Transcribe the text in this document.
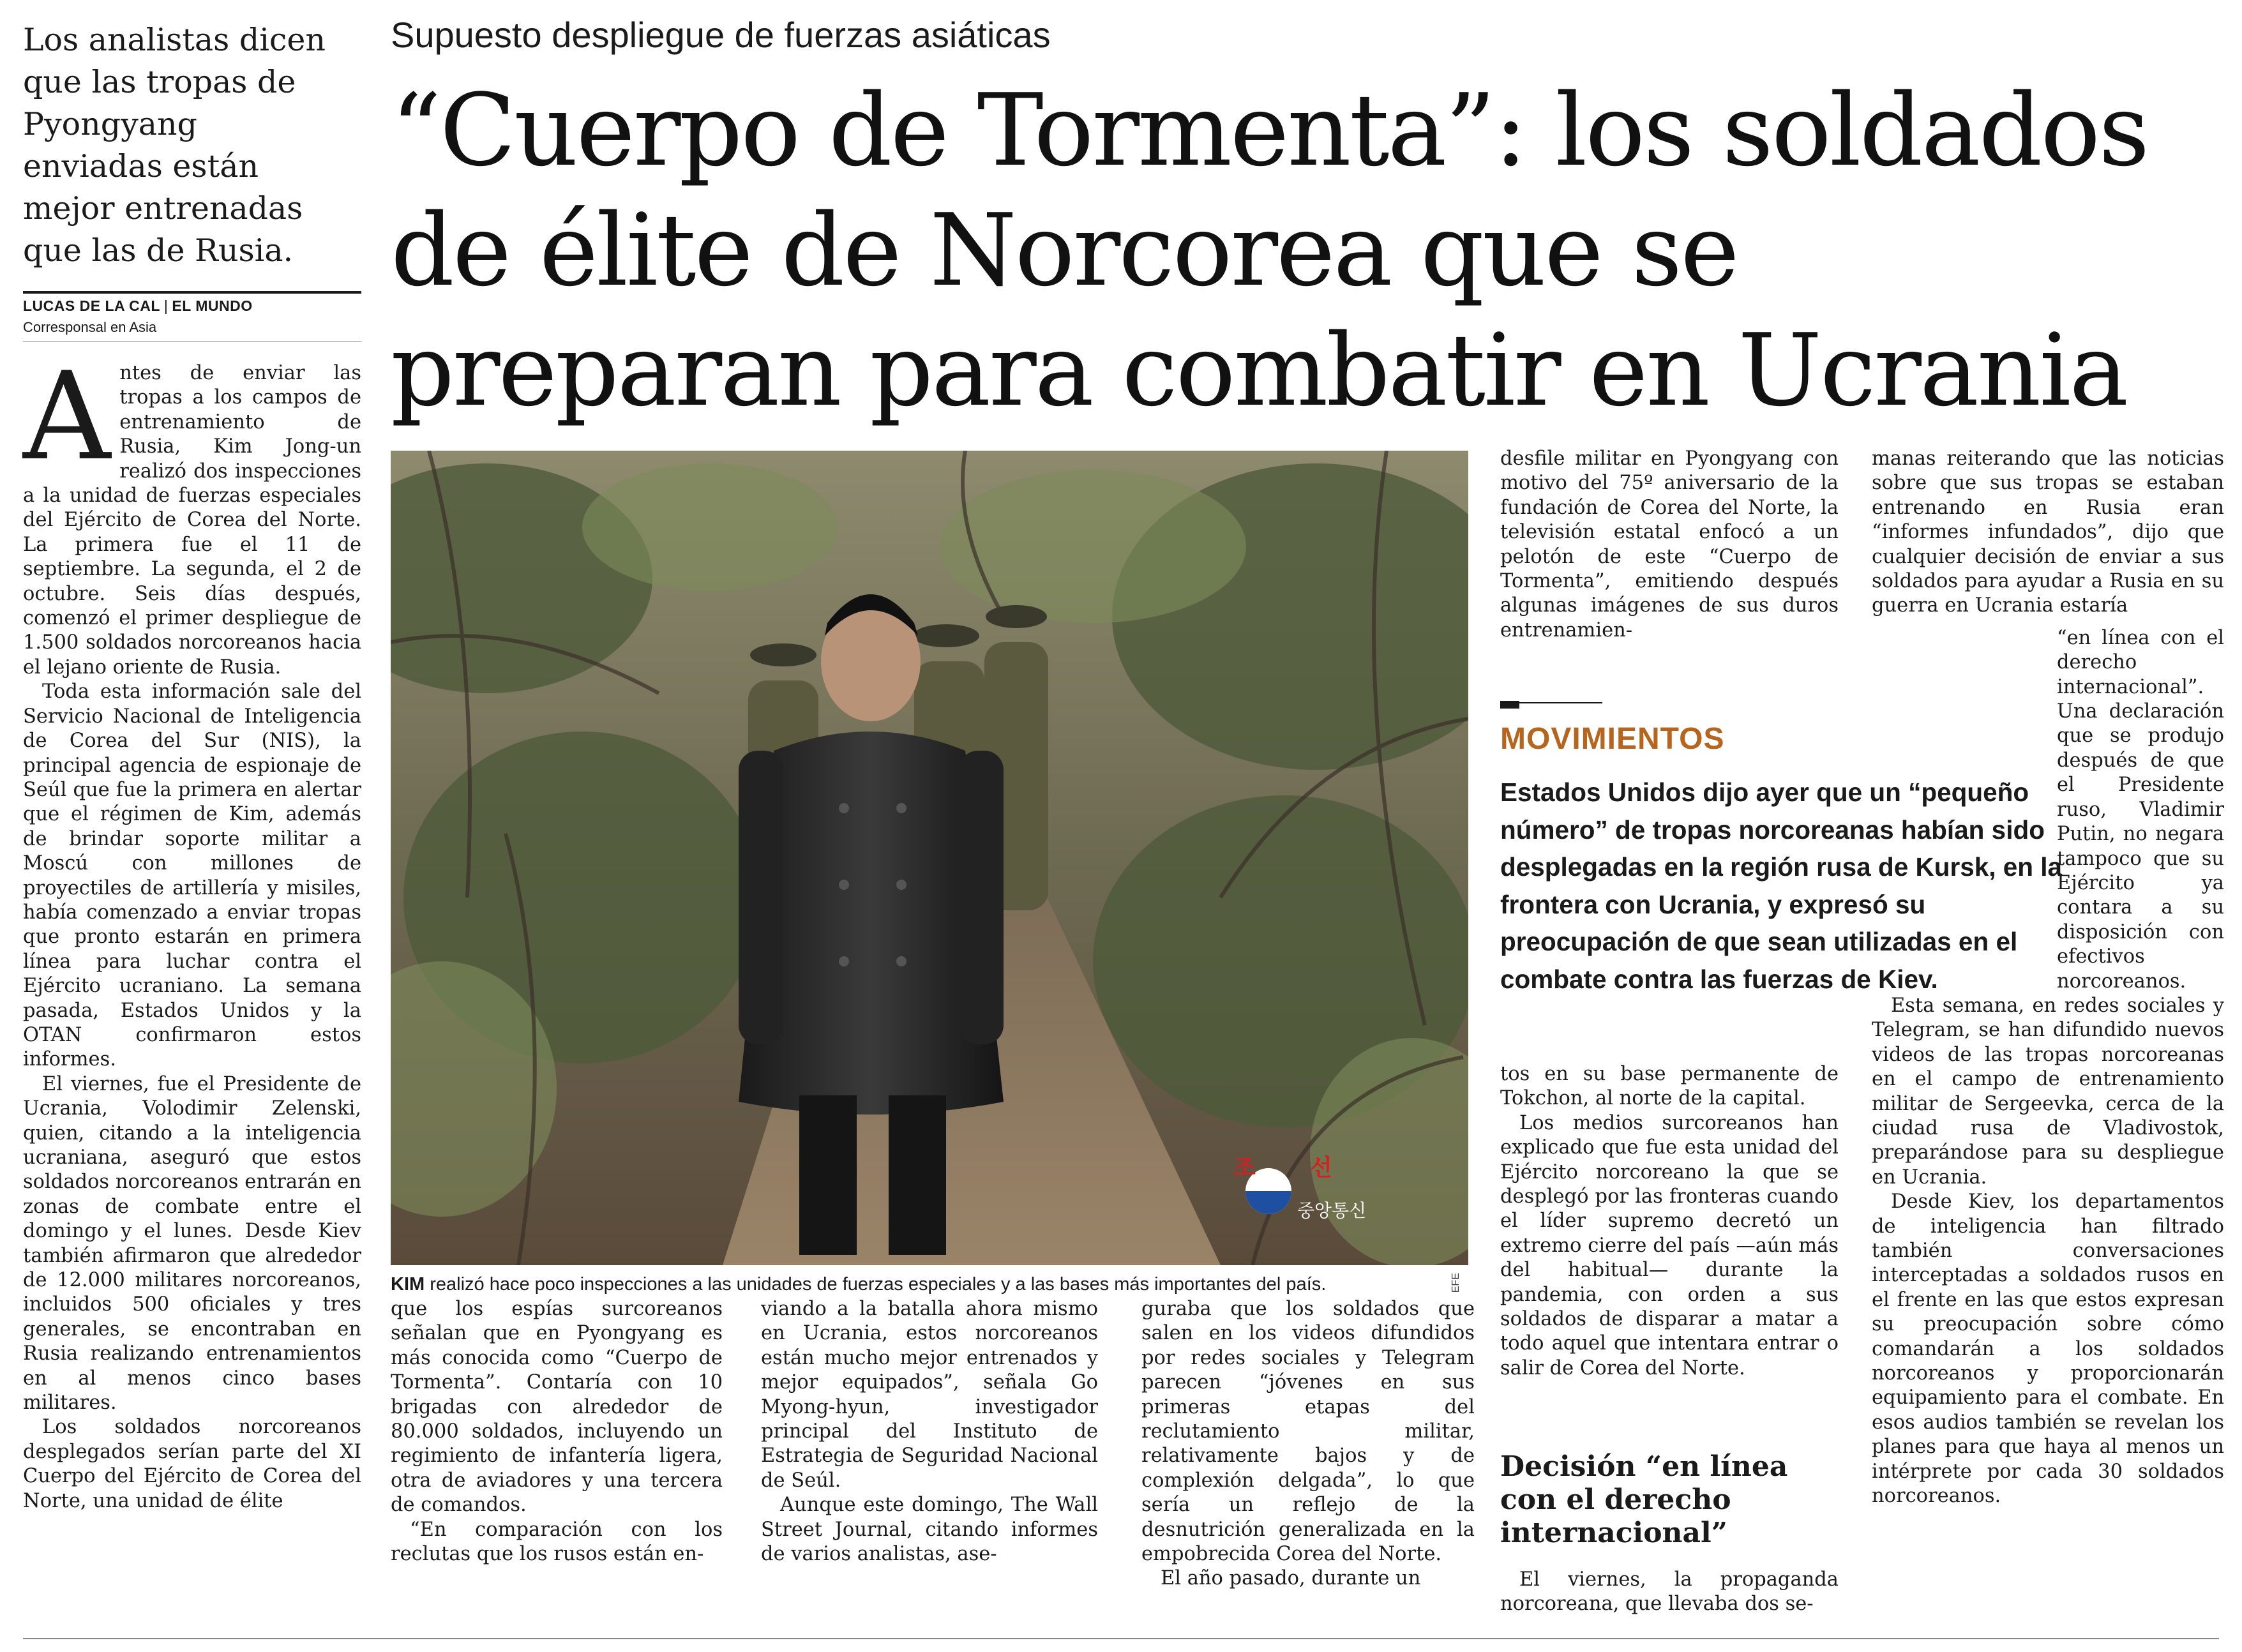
Los analistas dicen
que las tropas de
Pyongyang
enviadas están
mejor entrenadas
que las de Rusia.
LUCAS DE LA CAL | EL MUNDO
Corresponsal en Asia
Supuesto despliegue de fuerzas asiáticas
“Cuerpo de Tormenta”: los soldados
de élite de Norcorea que se
preparan para combatir en Ucrania

Antes de enviar las tropas a los campos de entrenamiento de Rusia, Kim Jong-un realizó dos inspecciones a la unidad de fuerzas especiales del Ejército de Corea del Norte. La primera fue el 11 de septiembre. La segunda, el 2 de octubre. Seis días después, comenzó el primer despliegue de 1.500 soldados norcoreanos hacia el lejano oriente de Rusia.

Toda esta información sale del Servicio Nacional de Inteligencia de Corea del Sur (NIS), la principal agencia de espionaje de Seúl que fue la primera en alertar que el régimen de Kim, además de brindar soporte militar a Moscú con millones de proyectiles de artillería y misiles, había comenzado a enviar tropas que pronto estarán en primera línea para luchar contra el Ejército ucraniano. La semana pasada, Estados Unidos y la OTAN confirmaron estos informes.

El viernes, fue el Presidente de Ucrania, Volodimir Zelenski, quien, citando a la inteligencia ucraniana, aseguró que estos soldados norcoreanos entrarán en zonas de combate entre el domingo y el lunes. Desde Kiev también afirmaron que alrededor de 12.000 militares norcoreanos, incluidos 500 oficiales y tres generales, se encontraban en Rusia realizando entrenamientos en al menos cinco bases militares.

Los soldados norcoreanos desplegados serían parte del XI Cuerpo del Ejército de Corea del Norte, una unidad de élite

조 선
중앙통신
KIM realizó hace poco inspecciones a las unidades de fuerzas especiales y a las bases más importantes del país.	EFE

que los espías surcoreanos señalan que en Pyongyang es más conocida como “Cuerpo de Tormenta”. Contaría con 10 brigadas con alrededor de 80.000 soldados, incluyendo un regimiento de infantería ligera, otra de aviadores y una tercera de comandos.

“En comparación con los reclutas que los rusos están en-

viando a la batalla ahora mismo en Ucrania, estos norcoreanos están mucho mejor entrenados y mejor equipados”, señala Go Myong-hyun, investigador principal del Instituto de Estrategia de Seguridad Nacional de Seúl.

Aunque este domingo, The Wall Street Journal, citando informes de varios analistas, ase-

guraba que los soldados que salen en los videos difundidos por redes sociales y Telegram parecen “jóvenes en sus primeras etapas del reclutamiento militar, relativamente bajos y de complexión delgada”, lo que sería un reflejo de la desnutrición generalizada en la empobrecida Corea del Norte.

El año pasado, durante un

desfile militar en Pyongyang con motivo del 75º aniversario de la fundación de Corea del Norte, la televisión estatal enfocó a un pelotón de este “Cuerpo de Tormenta”, emitiendo después algunas imágenes de sus duros entrenamien-

MOVIMIENTOS
Estados Unidos dijo ayer que un “pequeño número” de tropas norcoreanas habían sido desplegadas en la región rusa de Kursk, en la frontera con Ucrania, y expresó su preocupación de que sean utilizadas en el combate contra las fuerzas de Kiev.

tos en su base permanente de Tokchon, al norte de la capital.

Los medios surcoreanos han explicado que fue esta unidad del Ejército norcoreano la que se desplegó por las fronteras cuando el líder supremo decretó un extremo cierre del país —aún más del habitual— durante la pandemia, con orden a sus soldados de disparar a matar a todo aquel que intentara entrar o salir de Corea del Norte.

Decisión “en línea con el derecho internacional”

El viernes, la propaganda norcoreana, que llevaba dos se-

manas reiterando que las noticias sobre que sus tropas se estaban entrenando en Rusia eran “informes infundados”, dijo que cualquier decisión de enviar a sus soldados para ayudar a Rusia en su guerra en Ucrania estaría

“en línea con el derecho internacional”. Una declaración que se produjo después de que el Presidente ruso, Vladimir Putin, no negara tampoco que su Ejército ya contara a su disposición con efectivos norcoreanos.

Esta semana, en redes sociales y Telegram, se han difundido nuevos videos de las tropas norcoreanas en el campo de entrenamiento militar de Sergeevka, cerca de la ciudad rusa de Vladivostok, preparándose para su despliegue en Ucrania.

Desde Kiev, los departamentos de inteligencia han filtrado también conversaciones interceptadas a soldados rusos en el frente en las que estos expresan su preocupación sobre cómo comandarán a los soldados norcoreanos y proporcionarán equipamiento para el combate. En esos audios también se revelan los planes para que haya al menos un intérprete por cada 30 soldados norcoreanos.
